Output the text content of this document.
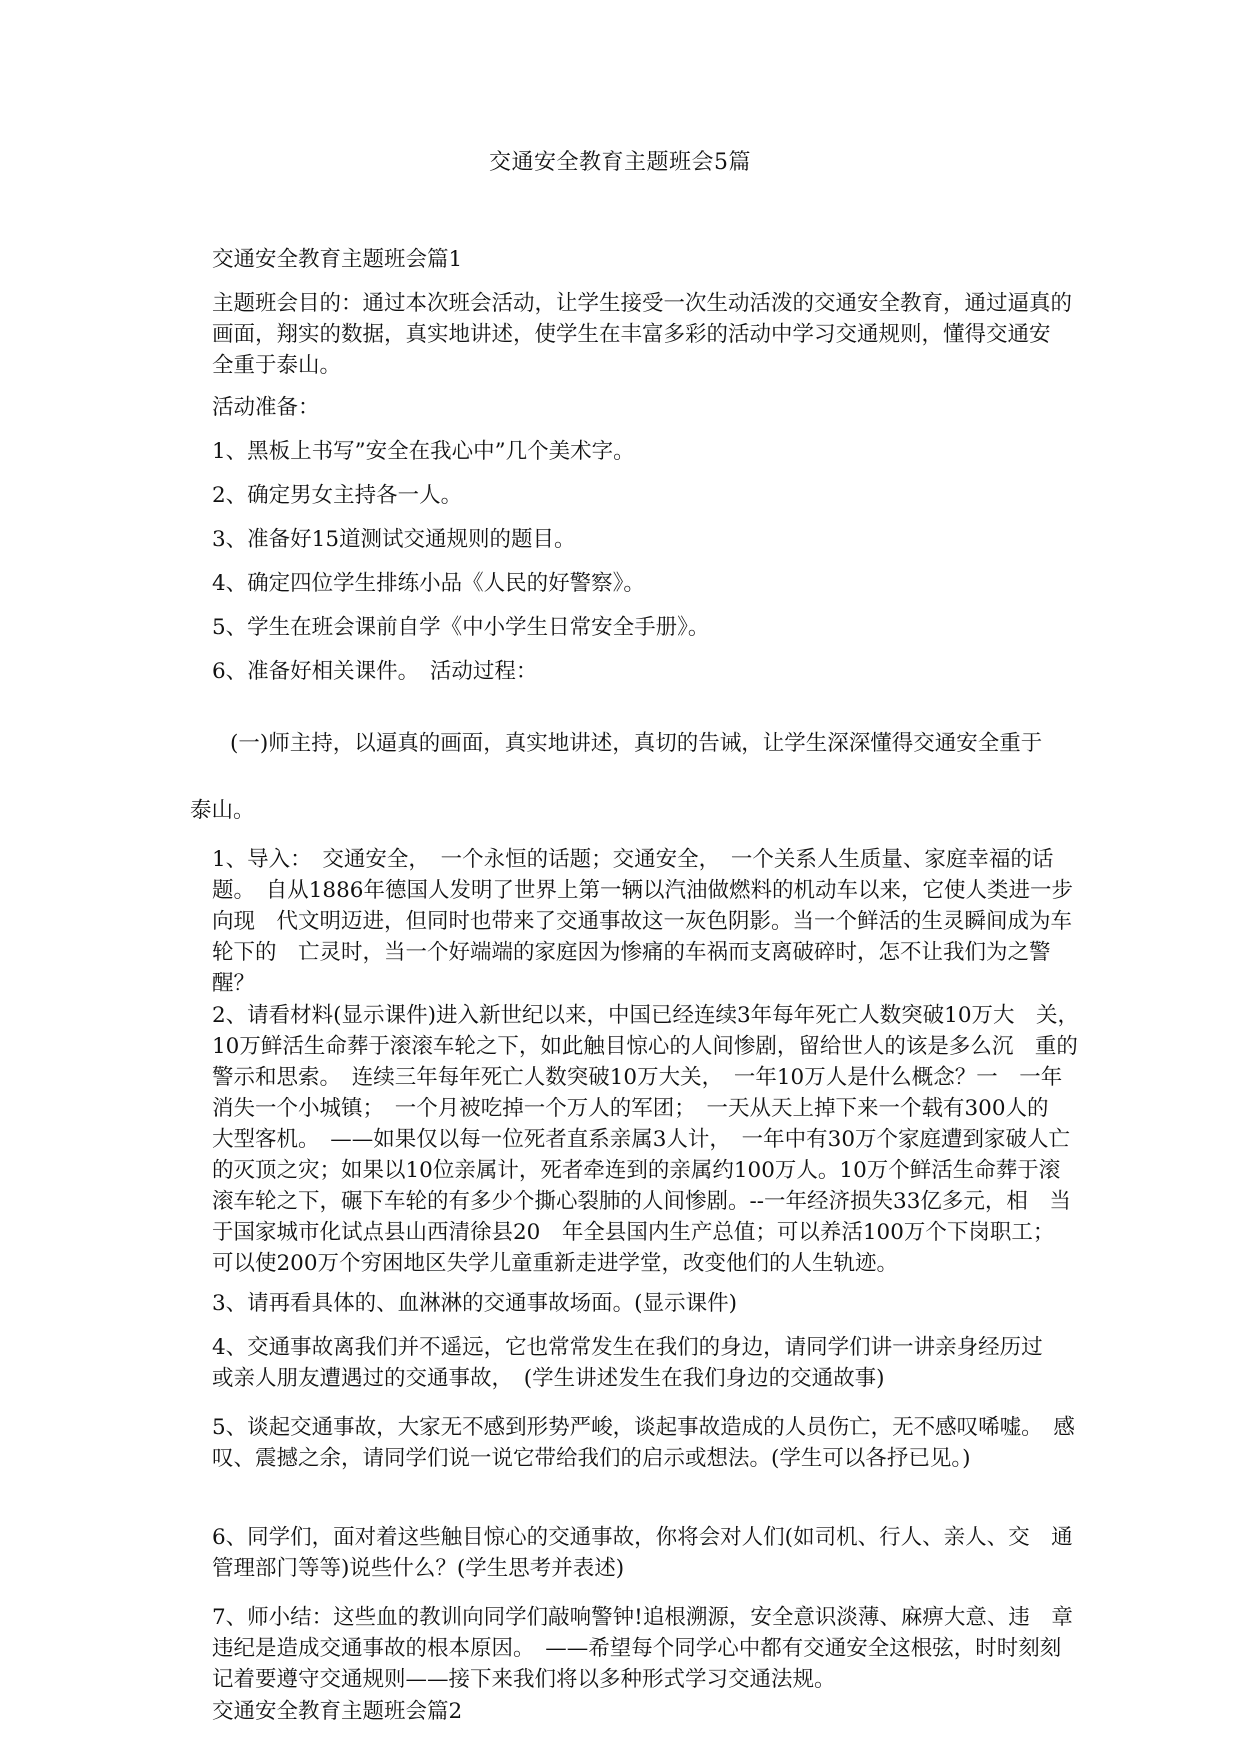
交通安全教育主题班会5篇
交通安全教育主题班会篇1
主题班会目的：通过本次班会活动，让学生接受一次生动活泼的交通安全教育，通过逼真的画面，翔实的数据，真实地讲述，使学生在丰富多彩的活动中学习交通规则，懂得交通安　全重于泰山。
活动准备：
1、黑板上书写”安全在我心中”几个美术字。
2、确定男女主持各一人。
3、准备好15道测试交通规则的题目。
4、确定四位学生排练小品《人民的好警察》。
5、学生在班会课前自学《中小学生日常安全手册》。
6、准备好相关课件。　活动过程：
(一)师主持，以逼真的画面，真实地讲述，真切的告诫，让学生深深懂得交通安全重于
泰山。
1、导入：　交通安全，　一个永恒的话题；交通安全，　一个关系人生质量、家庭幸福的话题。　自从1886年德国人发明了世界上第一辆以汽油做燃料的机动车以来，它使人类进一步向现　代文明迈进，但同时也带来了交通事故这一灰色阴影。当一个鲜活的生灵瞬间成为车轮下的　亡灵时，当一个好端端的家庭因为惨痛的车祸而支离破碎时，怎不让我们为之警醒？
2、请看材料(显示课件)进入新世纪以来，中国已经连续3年每年死亡人数突破10万大　关，10万鲜活生命葬于滚滚车轮之下，如此触目惊心的人间惨剧，留给世人的该是多么沉　重的警示和思索。　连续三年每年死亡人数突破10万大关，　一年10万人是什么概念？一　一年消失一个小城镇；　一个月被吃掉一个万人的军团；　一天从天上掉下来一个载有300人的　大型客机。　——如果仅以每一位死者直系亲属3人计，　一年中有30万个家庭遭到家破人亡　的灭顶之灾；如果以10位亲属计，死者牵连到的亲属约100万人。10万个鲜活生命葬于滚　滚车轮之下，碾下车轮的有多少个撕心裂肺的人间惨剧。--一年经济损失33亿多元，相　当于国家城市化试点县山西清徐县20　年全县国内生产总值；可以养活100万个下岗职工；　可以使200万个穷困地区失学儿童重新走进学堂，改变他们的人生轨迹。
3、请再看具体的、血淋淋的交通事故场面。(显示课件)
4、交通事故离我们并不遥远，它也常常发生在我们的身边，请同学们讲一讲亲身经历过　或亲人朋友遭遇过的交通事故，　(学生讲述发生在我们身边的交通故事)
5、谈起交通事故，大家无不感到形势严峻，谈起事故造成的人员伤亡，无不感叹唏嘘。　感叹、震撼之余，请同学们说一说它带给我们的启示或想法。(学生可以各抒已见。)
6、同学们，面对着这些触目惊心的交通事故，你将会对人们(如司机、行人、亲人、交　通管理部门等等)说些什么？(学生思考并表述)
7、师小结：这些血的教训向同学们敲响警钟!追根溯源，安全意识淡薄、麻痹大意、违　章违纪是造成交通事故的根本原因。　——希望每个同学心中都有交通安全这根弦，时时刻刻　记着要遵守交通规则——接下来我们将以多种形式学习交通法规。
交通安全教育主题班会篇2
